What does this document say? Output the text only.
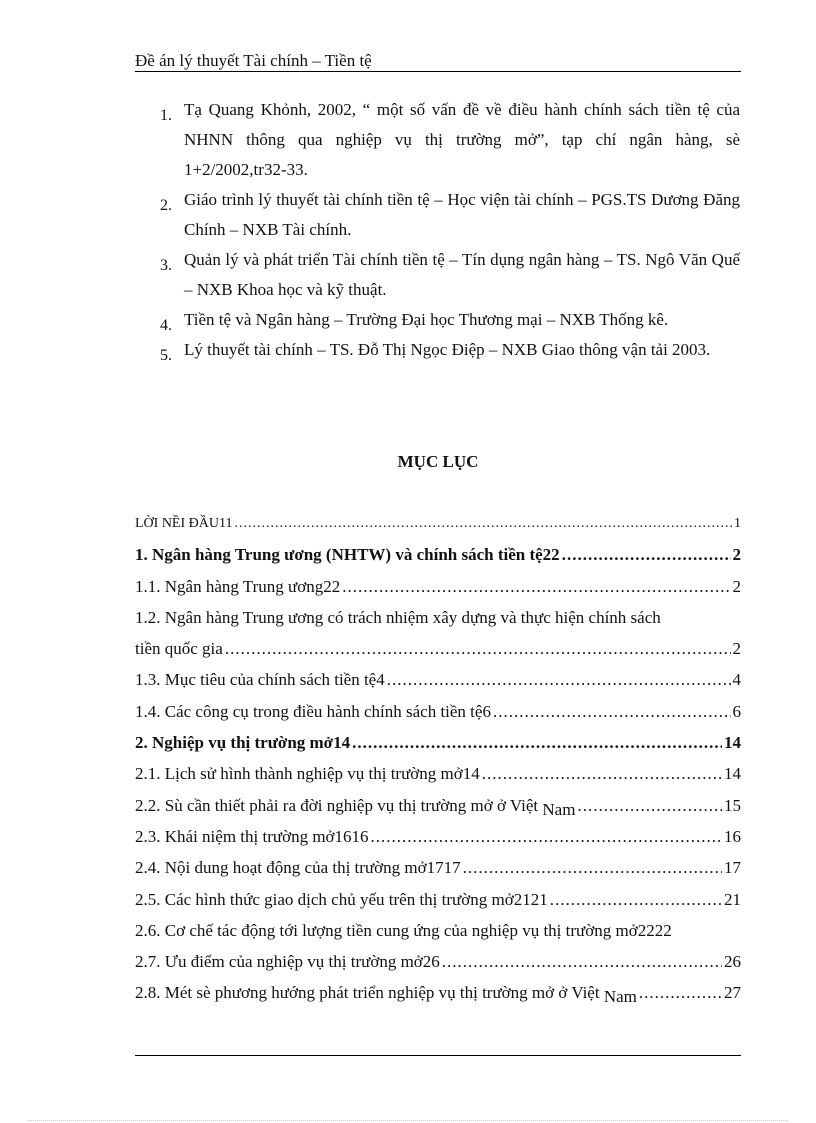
Đề án lý thuyết Tài chính – Tiền tệ
1. Tạ Quang Khỏnh, 2002, “ một số vấn đề về điều hành chính sách tiền tệ của NHNN thông qua nghiệp vụ thị trường mở”, tạp chí ngân hàng, sè 1+2/2002,tr32-33.
2. Giáo trình lý thuyết tài chính tiền tệ – Học viện tài chính – PGS.TS Dương Đăng Chính – NXB Tài chính.
3. Quản lý và phát triển Tài chính tiền tệ – Tín dụng ngân hàng – TS. Ngô Văn Quế – NXB Khoa học và kỹ thuật.
4. Tiền tệ và Ngân hàng – Trường Đại học Thương mại – NXB Thống kê.
5. Lý thuyết tài chính – TS. Đỗ Thị Ngọc Điệp – NXB Giao thông vận tải 2003.
MỤC LỤC
LỜI NỀI ĐẦU11 .....	1
1. Ngân hàng Trung ương (NHTW) và chính sách tiền tệ22 .....	2
1.1. Ngân hàng Trung ương22 .....	2
1.2. Ngân hàng Trung ương có trách nhiệm xây dựng và thực hiện chính sách
tiền quốc gia .....	2
1.3. Mục tiêu của chính sách tiền tệ4 .....	4
1.4. Các công cụ trong điều hành chính sách tiền tệ6 .....	6
2. Nghiệp vụ thị trường mở14 .....	14
2.1. Lịch sử hình thành nghiệp vụ thị trường mở14 .....	14
2.2. Sù cần thiết phải ra đời nghiệp vụ thị trường mở ở Việt Nam .....	15
2.3. Khái niệm thị trường mở1616 .....	16
2.4. Nội dung hoạt động của thị trường mở1717 .....	17
2.5. Các hình thức giao dịch chủ yếu trên thị trường mở2121 .....	21
2.6. Cơ chế tác động tới lượng tiền cung ứng của nghiệp vụ thị trường mở2222
2.7. Ưu điểm của nghiệp vụ thị trường mở26 .....	26
2.8. Mét sè phương hướng phát triển nghiệp vụ thị trường mở ở Việt Nam .....	27
